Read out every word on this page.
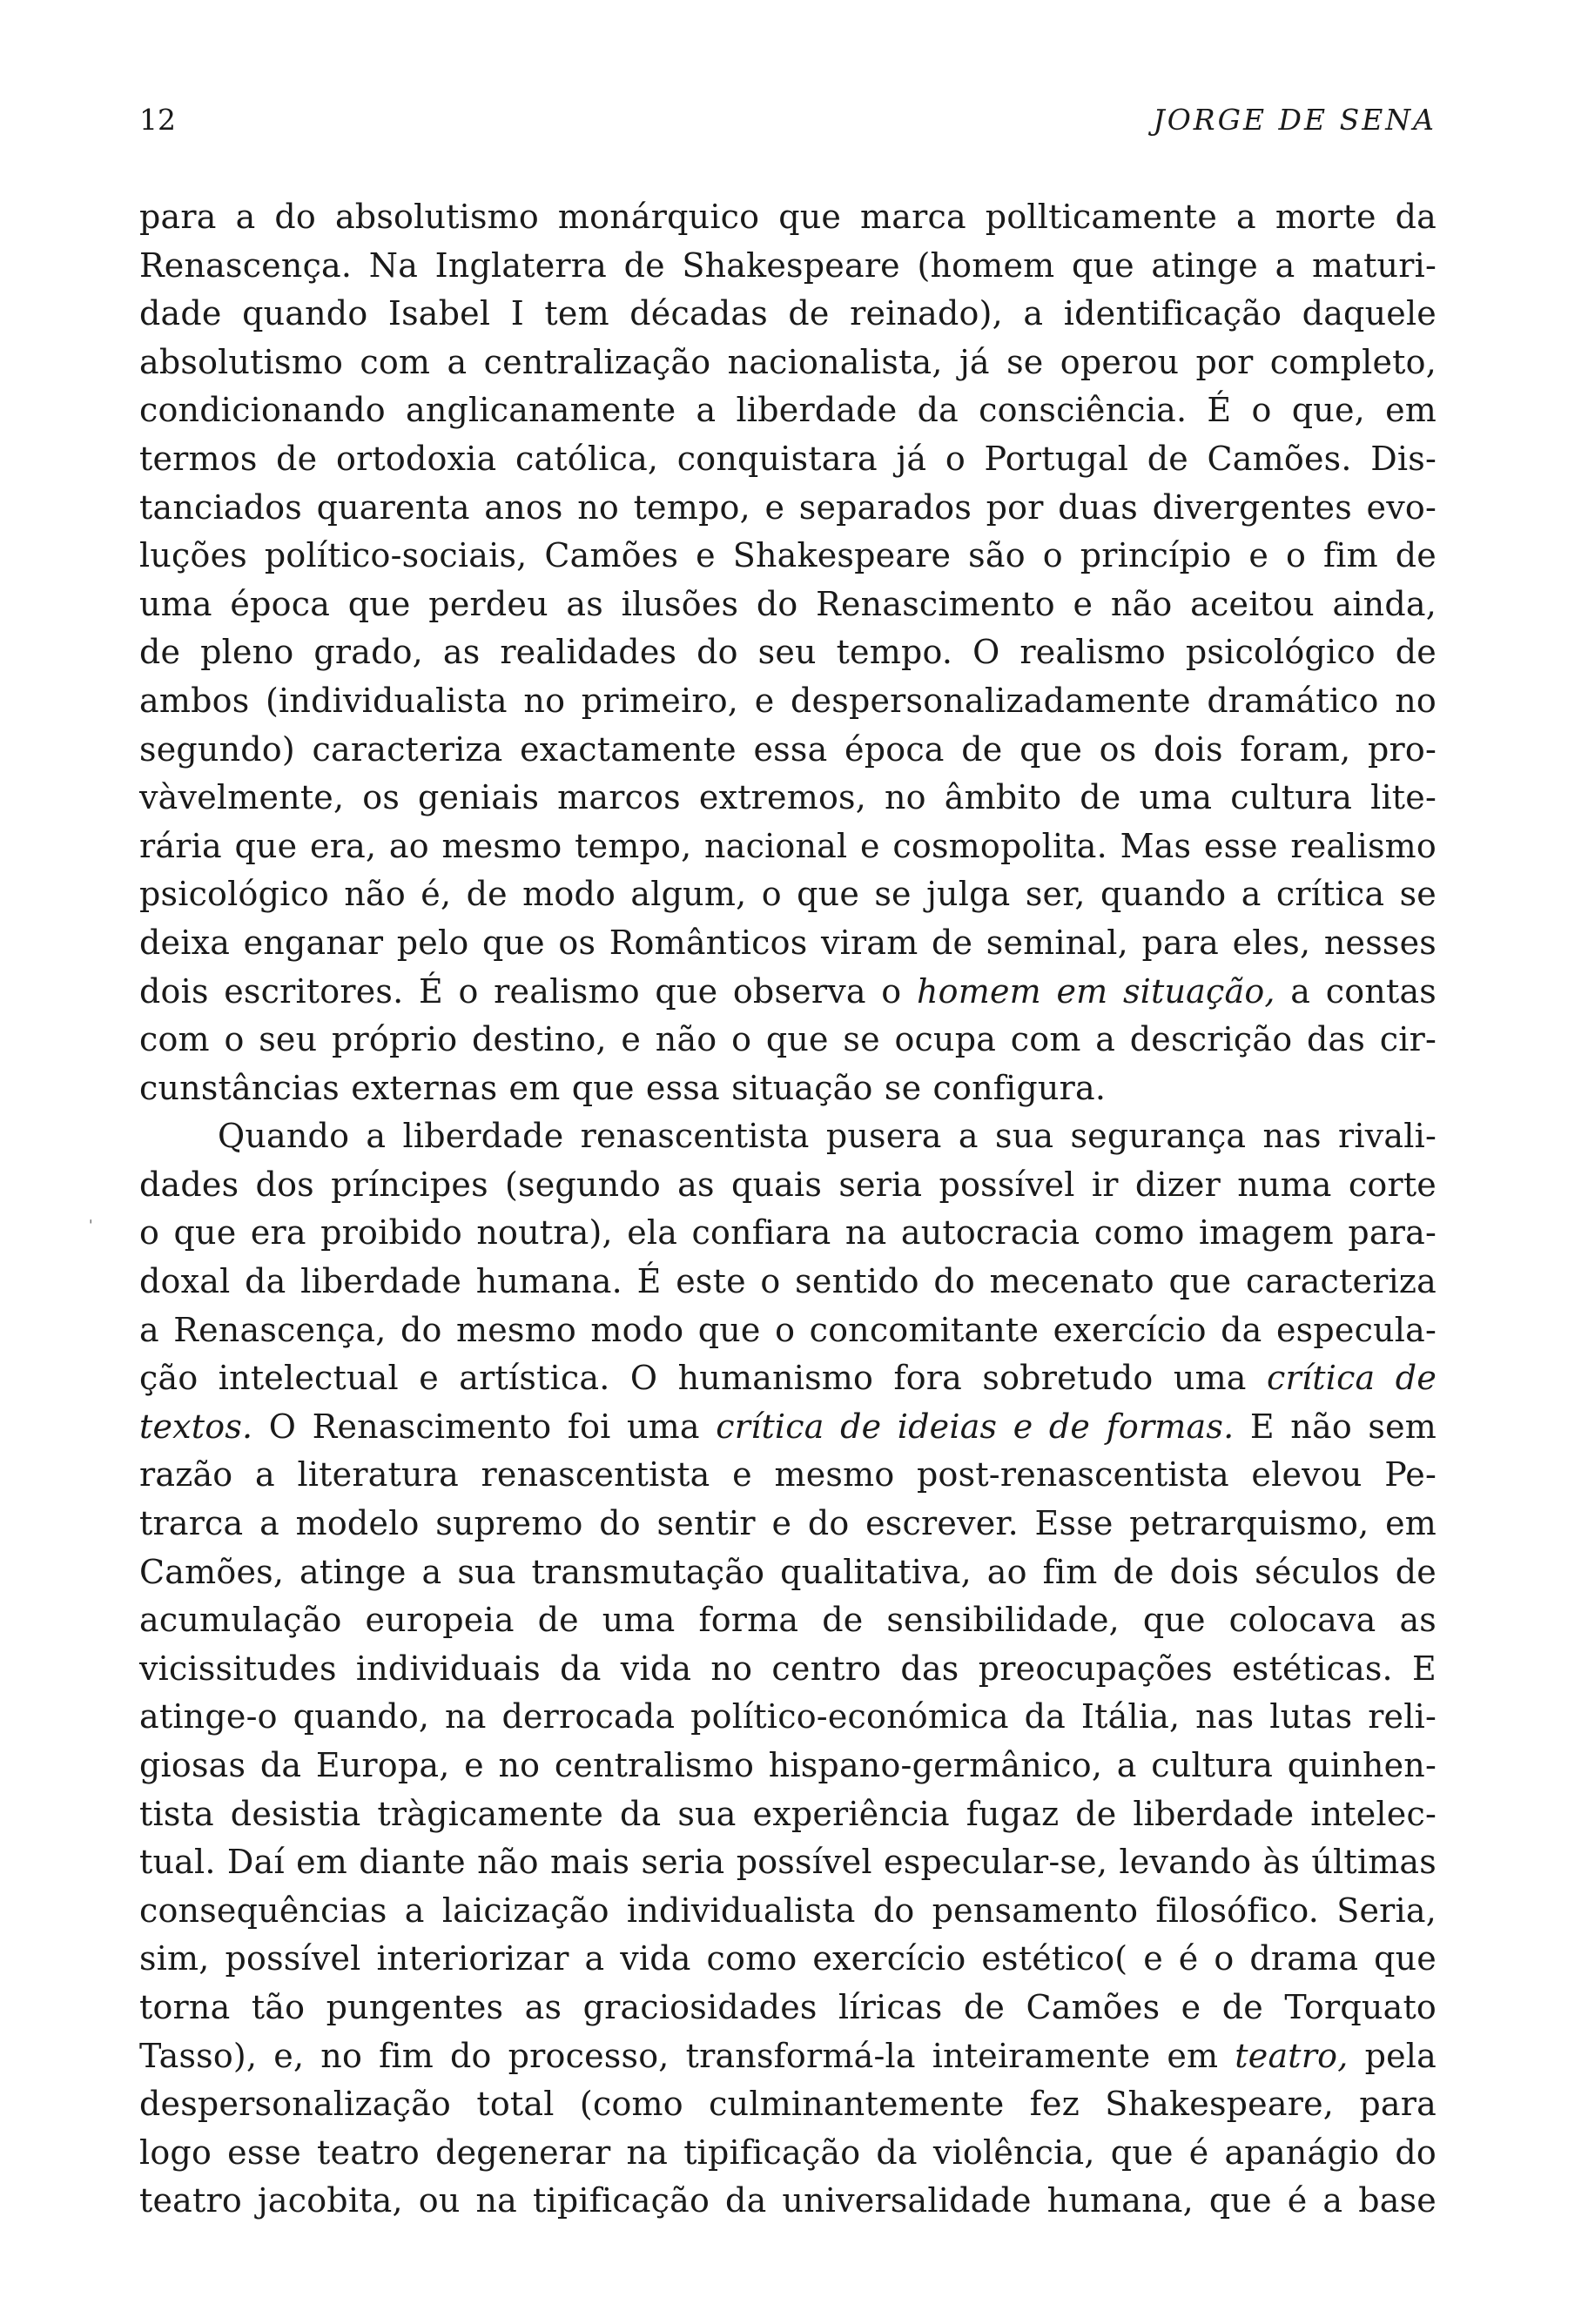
12	JORGE DE SENA
ˌ
para a do absolutismo monárquico que marca pollticamente a morte da
Renascença. Na Inglaterra de Shakespeare (homem que atinge a maturi-
dade quando Isabel I tem décadas de reinado), a identificação daquele
absolutismo com a centralização nacionalista, já se operou por completo,
condicionando anglicanamente a liberdade da consciência. É o que, em
termos de ortodoxia católica, conquistara já o Portugal de Camões. Dis-
tanciados quarenta anos no tempo, e separados por duas divergentes evo-
luções político-sociais, Camões e Shakespeare são o princípio e o fim de
uma época que perdeu as ilusões do Renascimento e não aceitou ainda,
de pleno grado, as realidades do seu tempo. O realismo psicológico de
ambos (individualista no primeiro, e despersonalizadamente dramático no
segundo) caracteriza exactamente essa época de que os dois foram, pro-
vàvelmente, os geniais marcos extremos, no âmbito de uma cultura lite-
rária que era, ao mesmo tempo, nacional e cosmopolita. Mas esse realismo
psicológico não é, de modo algum, o que se julga ser, quando a crítica se
deixa enganar pelo que os Românticos viram de seminal, para eles, nesses
dois escritores. É o realismo que observa o homem em situação, a contas
com o seu próprio destino, e não o que se ocupa com a descrição das cir-
cunstâncias externas em que essa situação se configura.
Quando a liberdade renascentista pusera a sua segurança nas rivali-
dades dos príncipes (segundo as quais seria possível ir dizer numa corte
o que era proibido noutra), ela confiara na autocracia como imagem para-
doxal da liberdade humana. É este o sentido do mecenato que caracteriza
a Renascença, do mesmo modo que o concomitante exercício da especula-
ção intelectual e artística. O humanismo fora sobretudo uma crítica de
textos. O Renascimento foi uma crítica de ideias e de formas. E não sem
razão a literatura renascentista e mesmo post-renascentista elevou Pe-
trarca a modelo supremo do sentir e do escrever. Esse petrarquismo, em
Camões, atinge a sua transmutação qualitativa, ao fim de dois séculos de
acumulação europeia de uma forma de sensibilidade, que colocava as
vicissitudes individuais da vida no centro das preocupações estéticas. E
atinge-o quando, na derrocada político-económica da Itália, nas lutas reli-
giosas da Europa, e no centralismo hispano-germânico, a cultura quinhen-
tista desistia tràgicamente da sua experiência fugaz de liberdade intelec-
tual. Daí em diante não mais seria possível especular-se, levando às últimas
consequências a laicização individualista do pensamento filosófico. Seria,
sim, possível interiorizar a vida como exercício estético( e é o drama que
torna tão pungentes as graciosidades líricas de Camões e de Torquato
Tasso), e, no fim do processo, transformá-la inteiramente em teatro, pela
despersonalização total (como culminantemente fez Shakespeare, para
logo esse teatro degenerar na tipificação da violência, que é apanágio do
teatro jacobita, ou na tipificação da universalidade humana, que é a base
